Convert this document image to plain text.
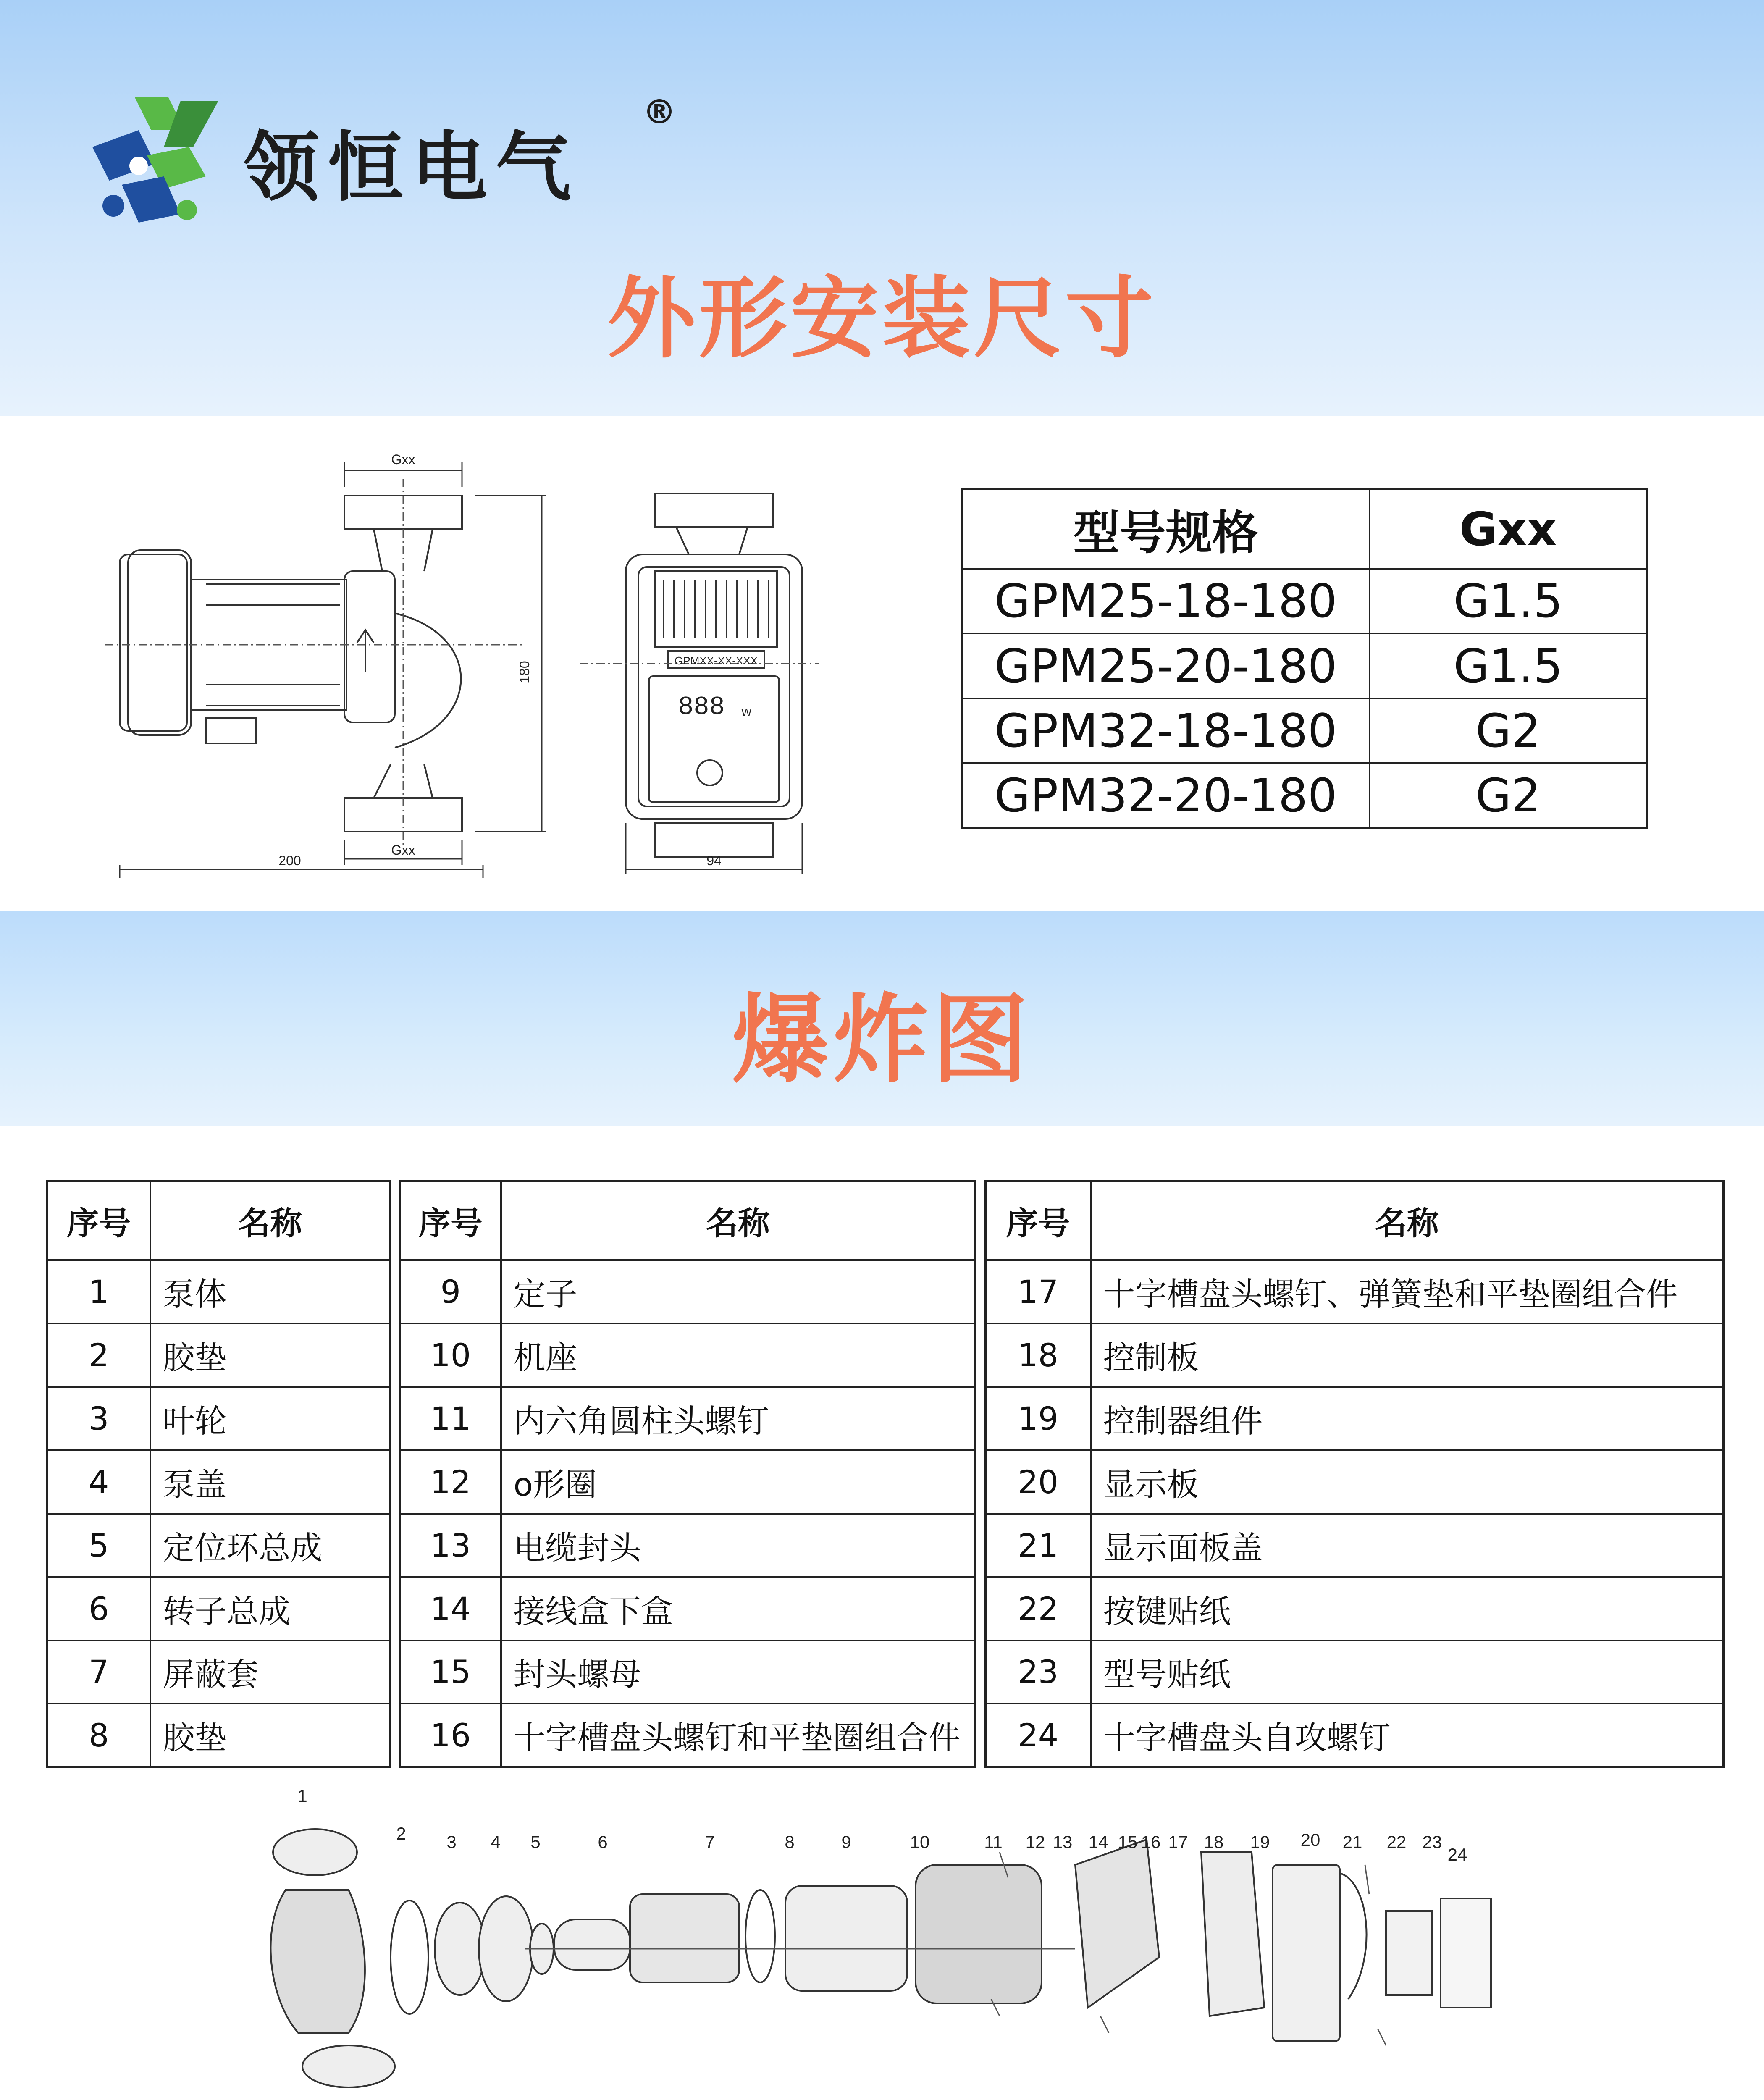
领恒电气
®
外形安装尺寸
爆炸图
Gxx
Gxx
200
180
GPMXX-XX-XXX
888 W
94
型号规格	Gxx
GPM25-18-180	G1.5
GPM25-20-180	G1.5
GPM32-18-180	G2
GPM32-20-180	G2
序号	名称
1	泵体
2	胶垫
3	叶轮
4	泵盖
5	定位环总成
6	转子总成
7	屏蔽套
8	胶垫
序号	名称
9	定子
10	机座
11	内六角圆柱头螺钉
12	o形圈
13	电缆封头
14	接线盒下盒
15	封头螺母
16	十字槽盘头螺钉和平垫圈组合件
序号	名称
17	十字槽盘头螺钉、弹簧垫和平垫圈组合件
18	控制板
19	控制器组件
20	显示板
21	显示面板盖
22	按键贴纸
23	型号贴纸
24	十字槽盘头自攻螺钉
1
2 3 4 5	6	7	8	9	10	11 12 13 14 15 16 17 18 19 20 21 22 23
24
